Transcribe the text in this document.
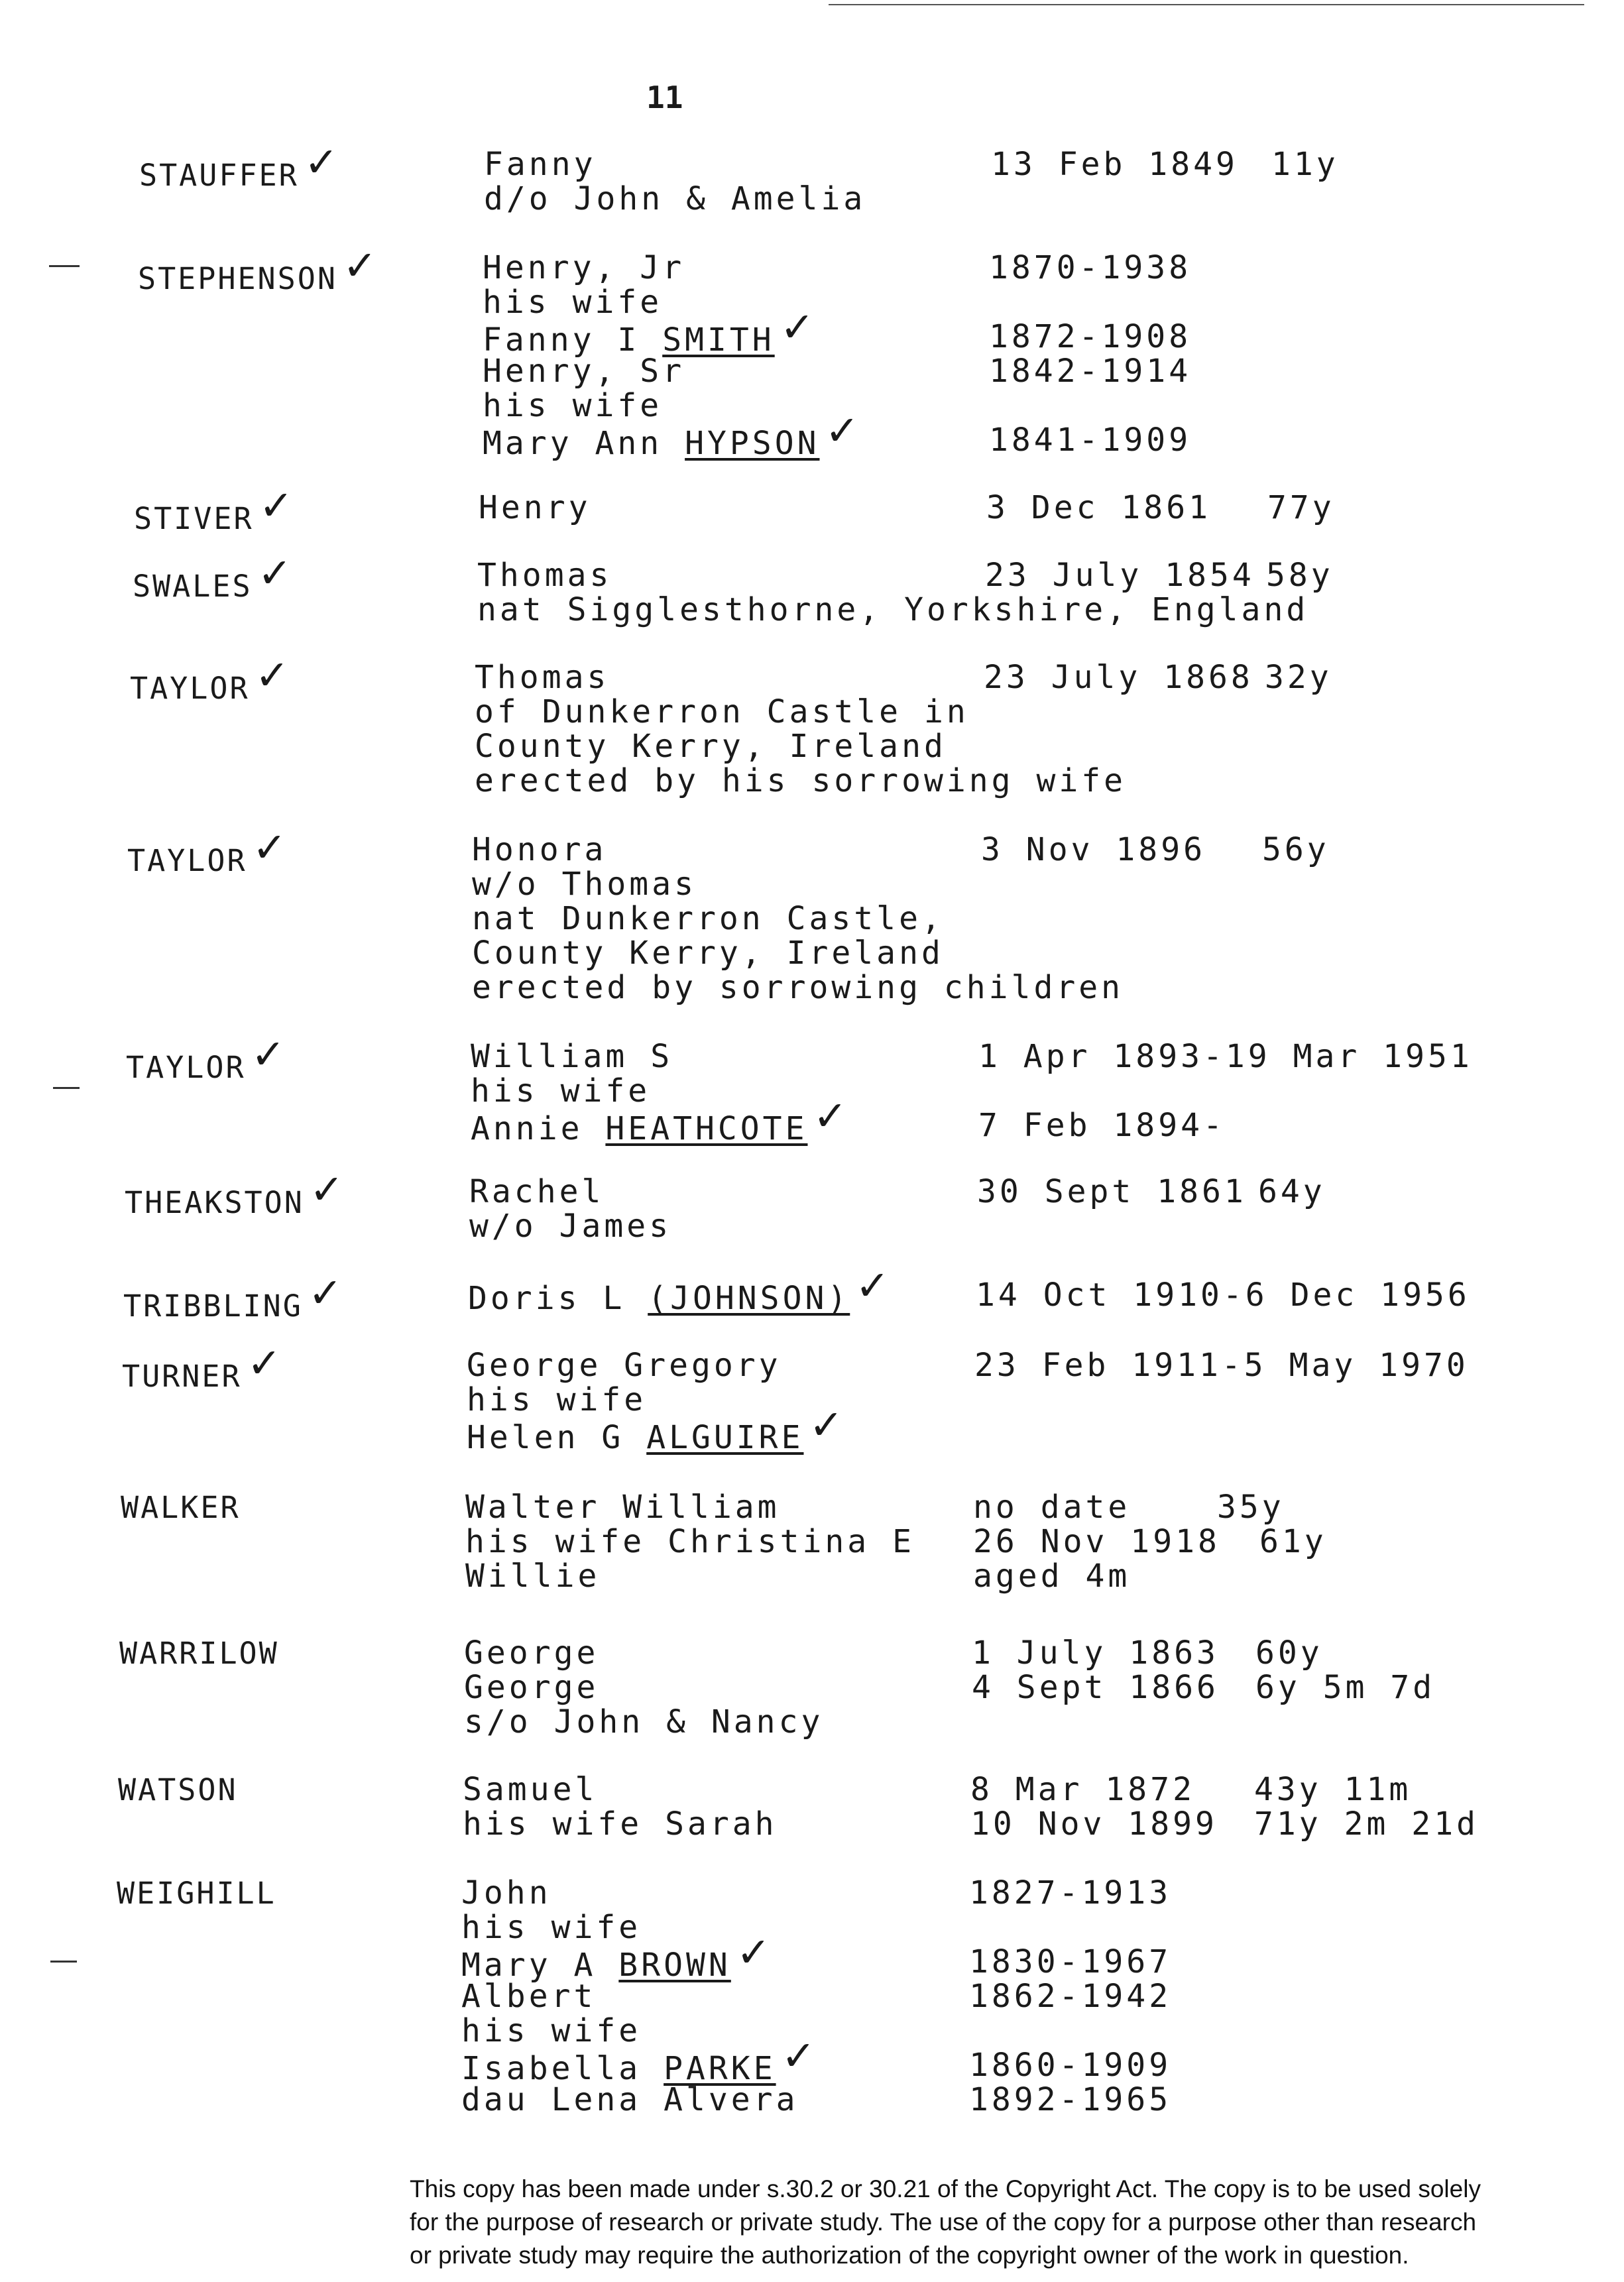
11
STAUFFER ✓	Fanny	13 Feb 1849 11y
d/o John & Amelia
STEPHENSON ✓	Henry, Jr	1870-1938
his wife
Fanny I SMITH ✓	1872-1908
Henry, Sr	1842-1914
his wife
Mary Ann HYPSON ✓	1841-1909
STIVER ✓	Henry	3 Dec 1861 77y
SWALES ✓	Thomas	23 July 1854 58y
nat Sigglesthorne, Yorkshire, England
TAYLOR ✓	Thomas	23 July 1868 32y
of Dunkerron Castle in
County Kerry, Ireland
erected by his sorrowing wife
TAYLOR ✓	Honora	3 Nov 1896 56y
w/o Thomas
nat Dunkerron Castle,
County Kerry, Ireland
erected by sorrowing children
TAYLOR ✓	William S	1 Apr 1893-19 Mar 1951
his wife
Annie HEATHCOTE ✓	7 Feb 1894-
THEAKSTON ✓	Rachel	30 Sept 1861 64y
w/o James
TRIBBLING ✓	Doris L (JOHNSON) ✓	14 Oct 1910-6 Dec 1956
TURNER ✓	George Gregory	23 Feb 1911-5 May 1970
his wife
Helen G ALGUIRE ✓
WALKER	Walter William	no date	35y
his wife Christina E 26 Nov 1918 61y
Willie	aged 4m
WARRILOW	George	1 July 1863 60y
George	4 Sept 1866 6y 5m 7d
s/o John & Nancy
WATSON	Samuel	8 Mar 1872 43y 11m
his wife Sarah	10 Nov 1899 71y 2m 21d
WEIGHILL	John	1827-1913
his wife
Mary A BROWN ✓	1830-1967
Albert	1862-1942
his wife
Isabella PARKE ✓	1860-1909
dau Lena Alvera	1892-1965
This copy has been made under s.30.2 or 30.21 of the Copyright Act. The copy is to be used solely
for the purpose of research or private study. The use of the copy for a purpose other than research
or private study may require the authorization of the copyright owner of the work in question.
